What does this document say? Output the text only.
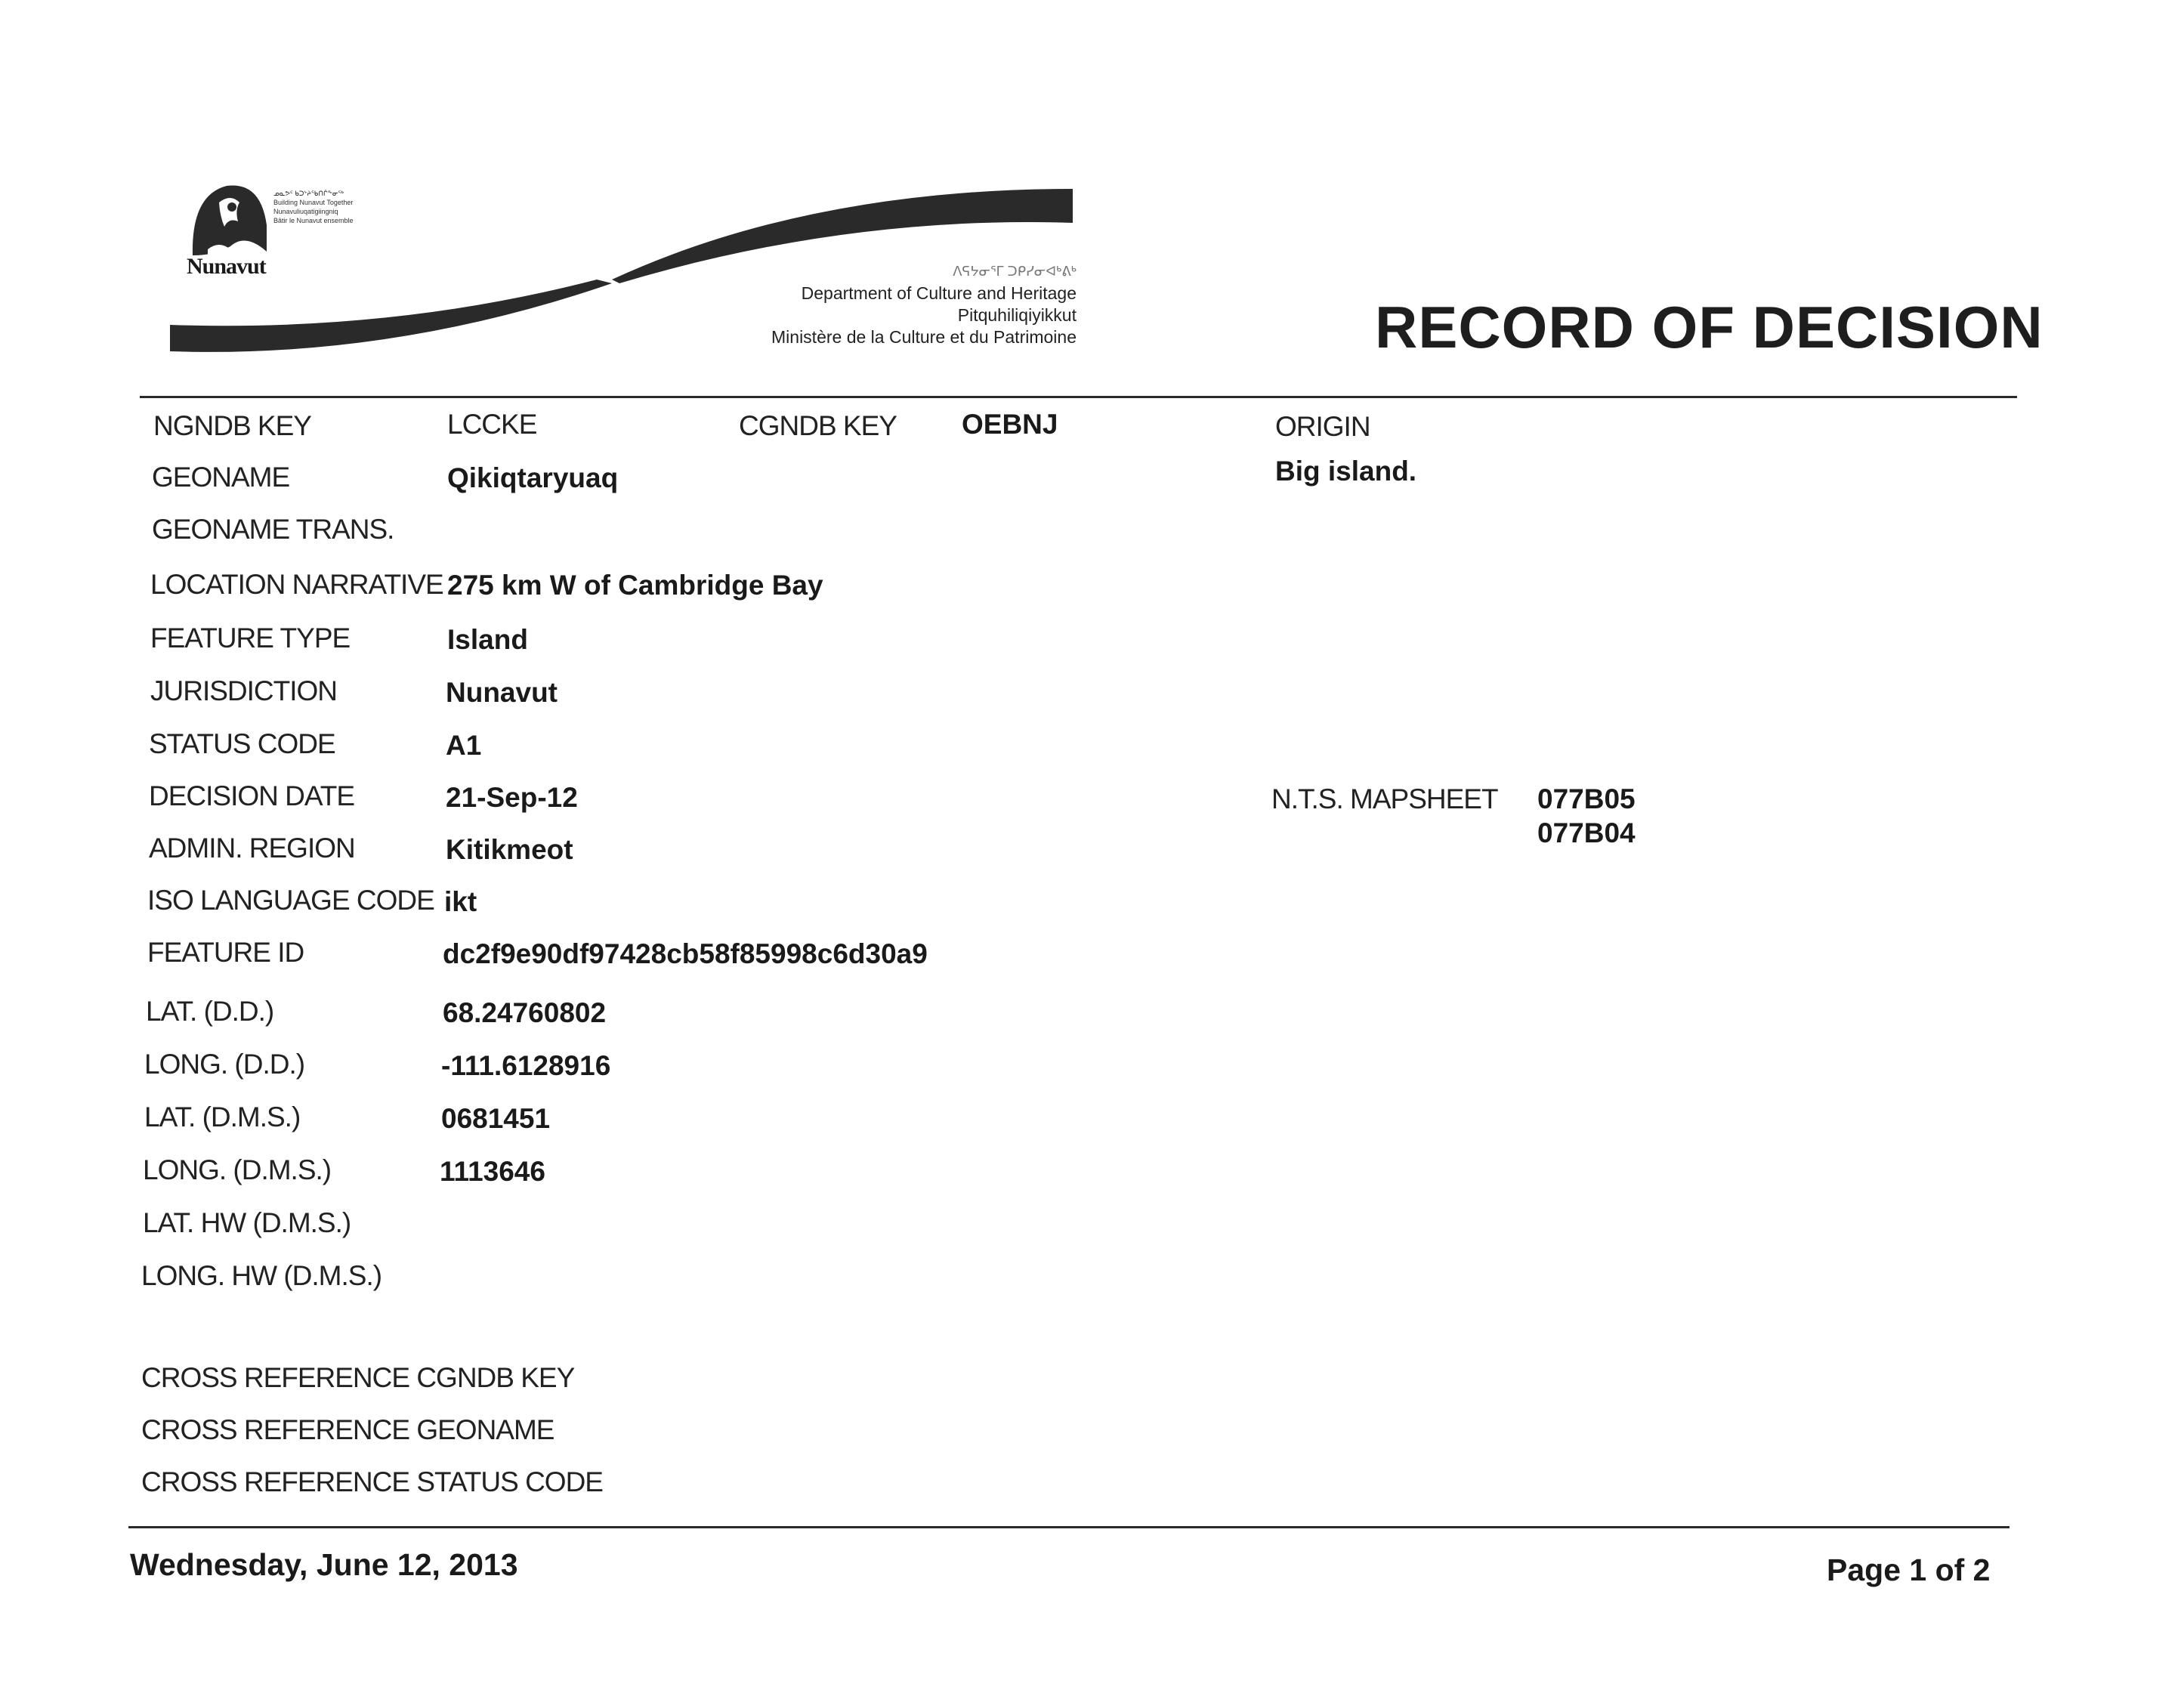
Nunavut
ᓄᓇᕗᑦ ᑲᑐᔾᔨᖃᑎᒌᖕᓂᖅ
Building Nunavut Together
Nunavuliuqatigiingniq
Bâtir le Nunavut ensemble
ᐱᕋᔭᓂᕐᒥ ᑐᑭᓯᓂᐊᒃᕕᒃ
Department of Culture and Heritage
Pitquhiliqiyikkut
Ministère de la Culture et du Patrimoine	RECORD OF DECISION
NGNDB KEY	LCCKE	CGNDB KEY OEBNJ	ORIGIN
Big island.
GEONAME	Qikiqtaryuaq
GEONAME TRANS.
LOCATION NARRATIVE 275 km W of Cambridge Bay
FEATURE TYPE	Island
JURISDICTION	Nunavut
STATUS CODE	A1
DECISION DATE	21-Sep-12	N.T.S. MAPSHEET 077B05
077B04
ADMIN. REGION	Kitikmeot
ISO LANGUAGE CODE ikt
FEATURE ID	dc2f9e90df97428cb58f85998c6d30a9
LAT. (D.D.)	68.24760802
LONG. (D.D.)	-111.6128916
LAT. (D.M.S.)	0681451
LONG. (D.M.S.)	1113646
LAT. HW (D.M.S.)
LONG. HW (D.M.S.)
CROSS REFERENCE CGNDB KEY
CROSS REFERENCE GEONAME
CROSS REFERENCE STATUS CODE
Wednesday, June 12, 2013	Page 1 of 2
